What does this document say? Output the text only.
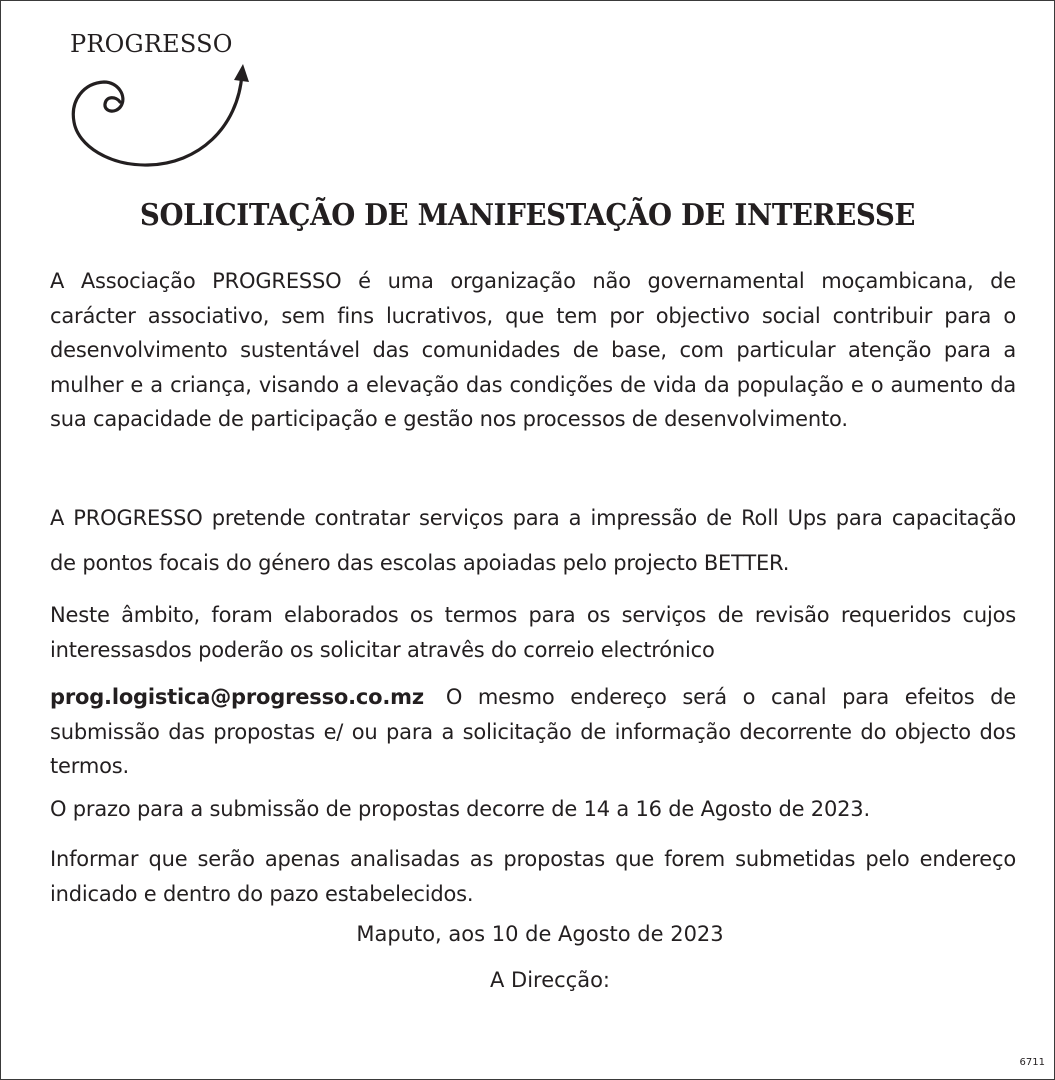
PROGRESSO
SOLICITAÇÃO DE MANIFESTAÇÃO DE INTERESSE
A Associação PROGRESSO é uma organização não governamental moçambicana, de carácter associativo, sem fins lucrativos, que tem por objectivo social contribuir para o desenvolvimento sustentável das comunidades de base, com particular atenção para a mulher e a criança, visando a elevação das condições de vida da população e o aumento da sua capacidade de participação e gestão nos processos de desenvolvimento.
A PROGRESSO pretende contratar serviços para a impressão de Roll Ups para capacitação de pontos focais do género das escolas apoiadas pelo projecto BETTER.
Neste âmbito, foram elaborados os termos para os serviços de revisão requeridos cujos interessasdos poderão os solicitar atravês do correio electrónico
prog.logistica@progresso.co.mz O mesmo endereço será o canal para efeitos de submissão das propostas e/ ou para a solicitação de informação decorrente do objecto dos termos.
O prazo para a submissão de propostas decorre de 14 a 16 de Agosto de 2023.
Informar que serão apenas analisadas as propostas que forem submetidas pelo endereço indicado e dentro do pazo estabelecidos.
Maputo, aos 10 de Agosto de 2023
A Direcção:
6711
